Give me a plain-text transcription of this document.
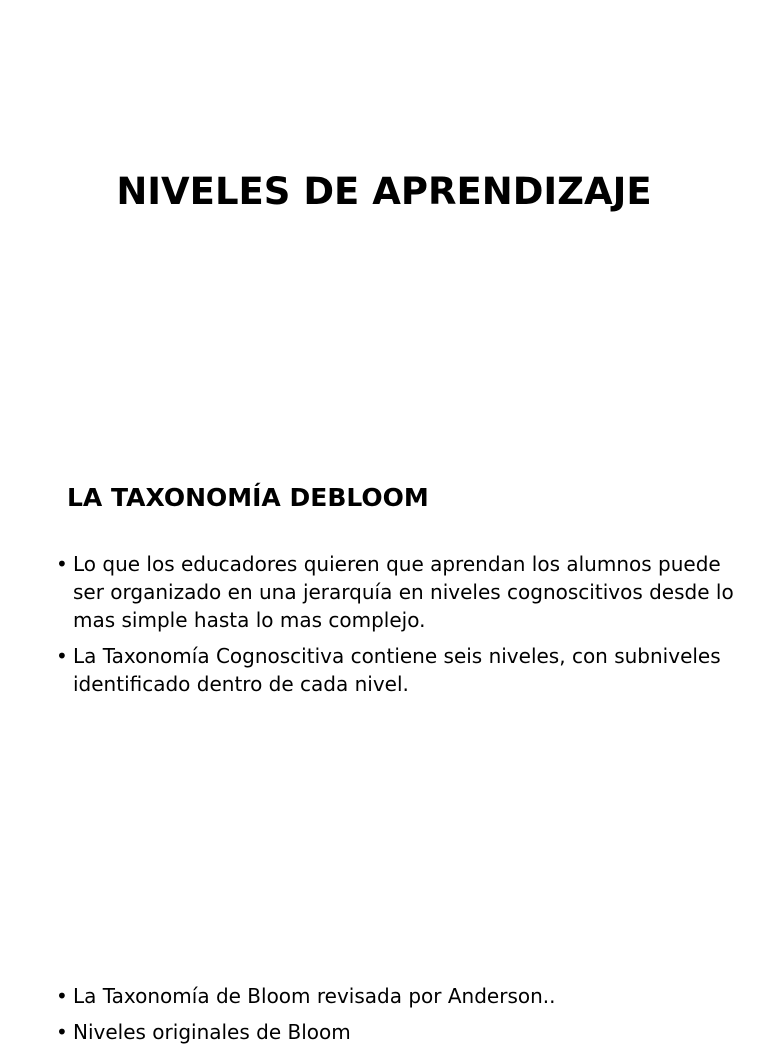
NIVELES DE APRENDIZAJE
LA TAXONOMÍA DEBLOOM
• Lo que los educadores quieren que aprendan los alumnos puede ser organizado en una jerarquía en niveles cognoscitivos desde lo mas simple hasta lo mas complejo.
• La Taxonomía Cognoscitiva contiene seis niveles, con subniveles identificado dentro de cada nivel.
• La Taxonomía de Bloom revisada por Anderson..
• Niveles originales de Bloom
